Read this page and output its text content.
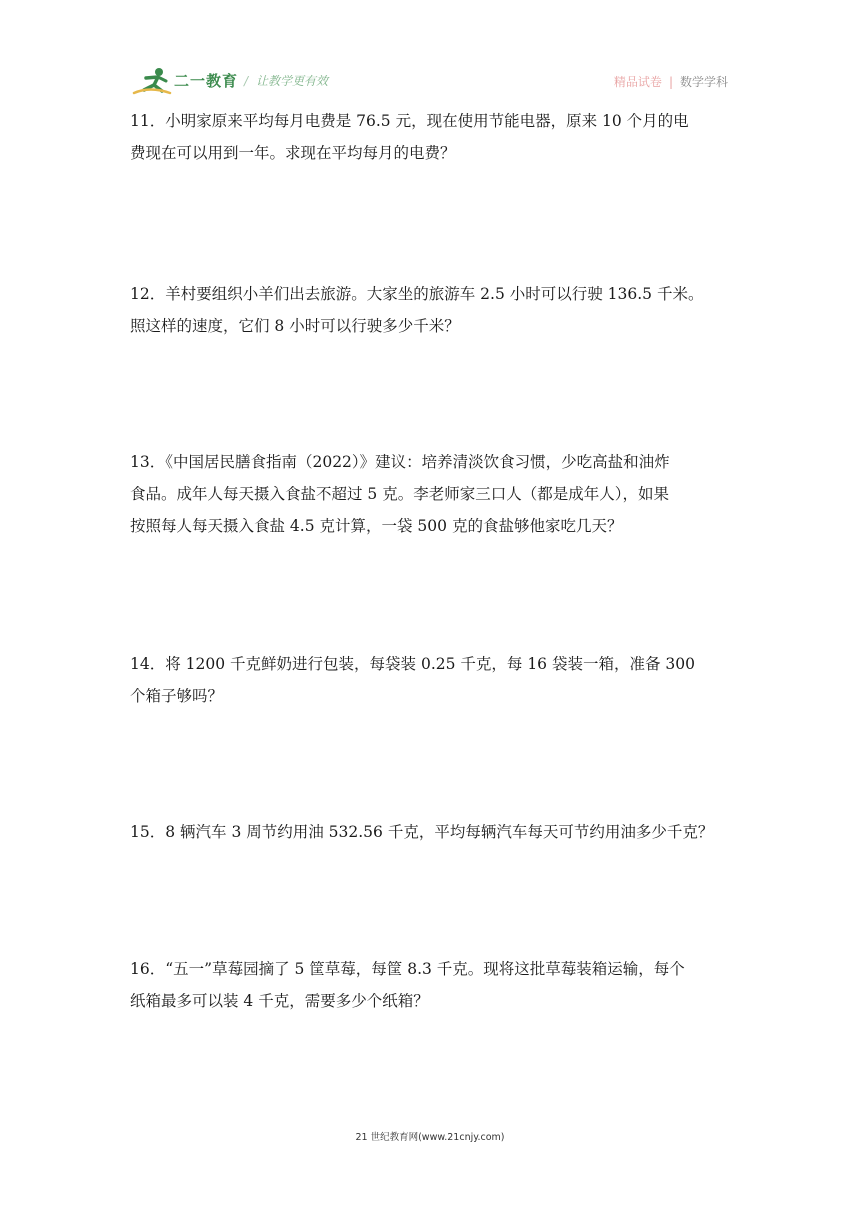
二一教育 / 让教学更有效	精品试卷 | 数学学科

11．小明家原来平均每月电费是 76.5 元，现在使用节能电器，原来 10 个月的电

费现在可以用到一年。求现在平均每月的电费？

12．羊村要组织小羊们出去旅游。大家坐的旅游车 2.5 小时可以行驶 136.5 千米。

照这样的速度，它们 8 小时可以行驶多少千米？

13．《中国居民膳食指南（2022）》建议：培养清淡饮食习惯，少吃高盐和油炸

食品。成年人每天摄入食盐不超过 5 克。李老师家三口人（都是成年人），如果

按照每人每天摄入食盐 4.5 克计算，一袋 500 克的食盐够他家吃几天？

14．将 1200 千克鲜奶进行包装，每袋装 0.25 千克，每 16 袋装一箱，准备 300

个箱子够吗？

15．8 辆汽车 3 周节约用油 532.56 千克，平均每辆汽车每天可节约用油多少千克？

16．“五一”草莓园摘了 5 筐草莓，每筐 8.3 千克。现将这批草莓装箱运输，每个

纸箱最多可以装 4 千克，需要多少个纸箱？

21 世纪教育网(www.21cnjy.com)
